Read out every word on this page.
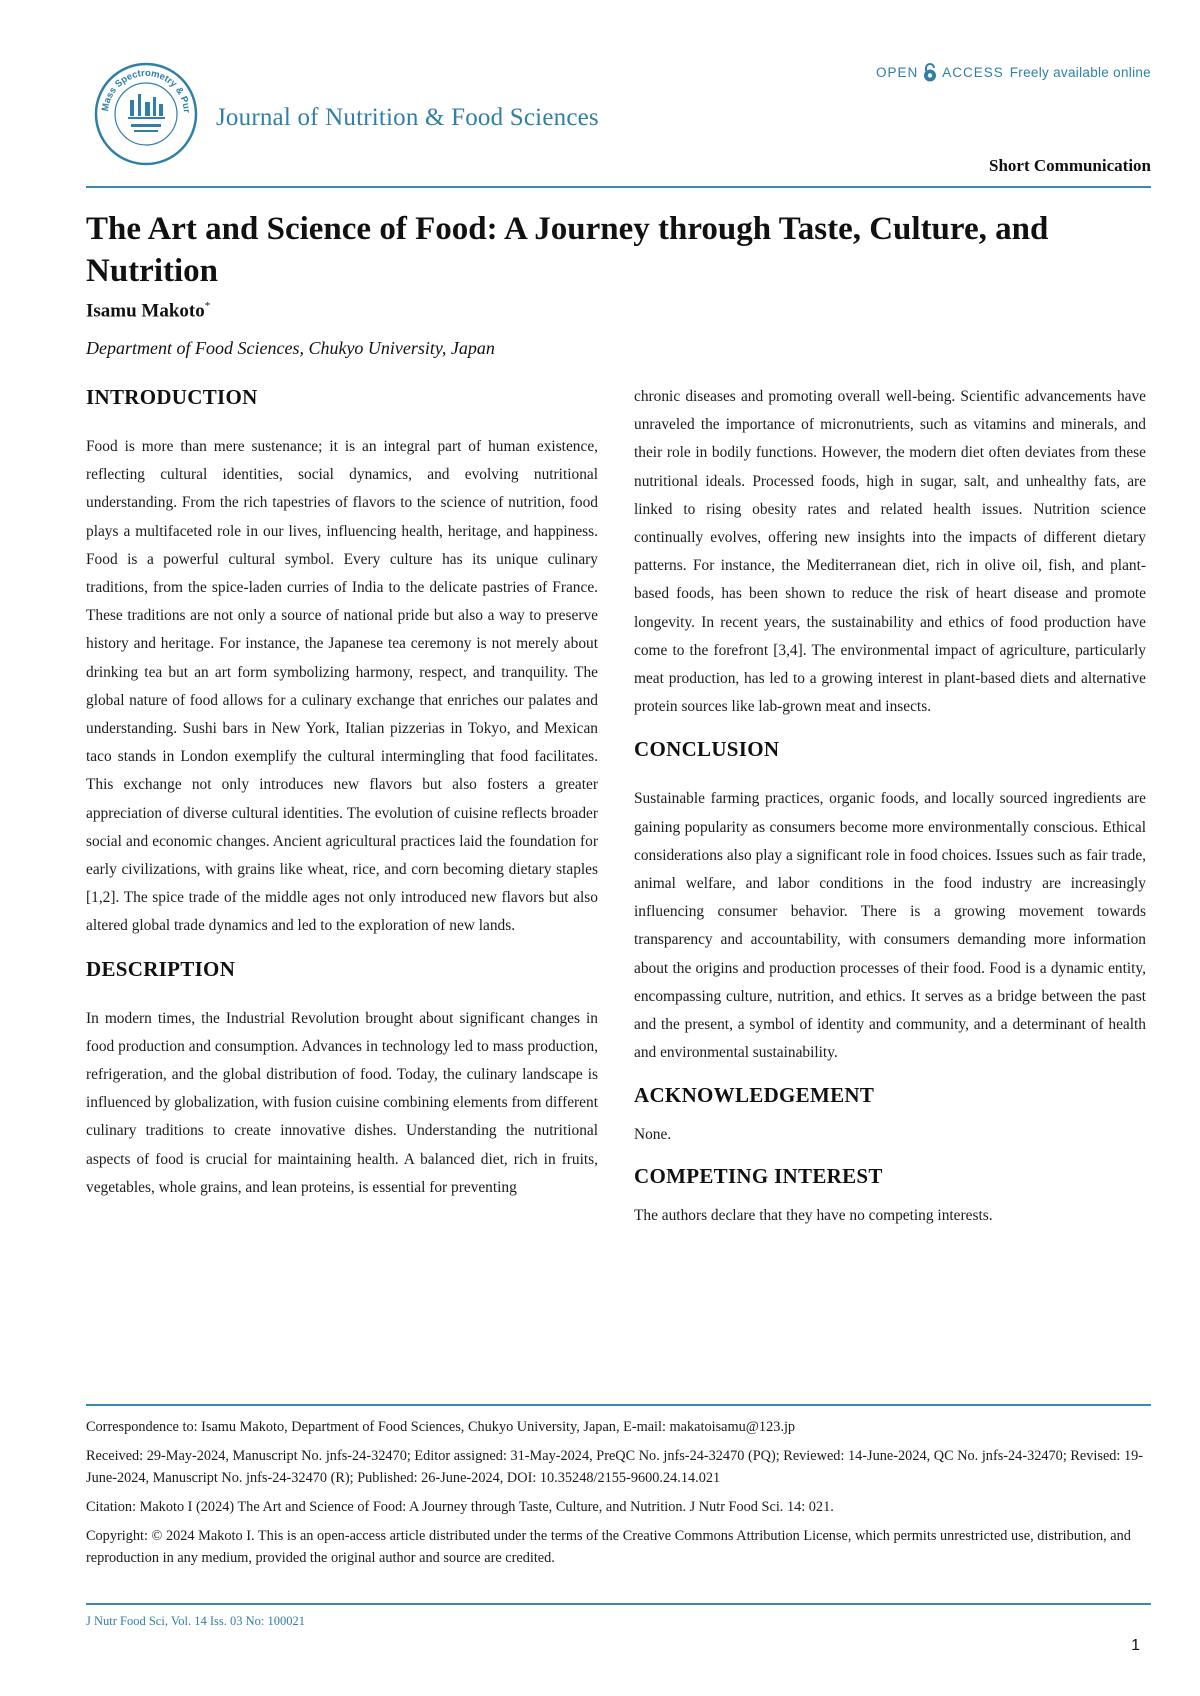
Mass Spectrometry & Pur Journal of Nutrition & Food Sciences
OPEN ACCESS Freely available online
Short Communication
The Art and Science of Food: A Journey through Taste, Culture, and Nutrition
Isamu Makoto*
Department of Food Sciences, Chukyo University, Japan
INTRODUCTION

Food is more than mere sustenance; it is an integral part of human existence, reflecting cultural identities, social dynamics, and evolving nutritional understanding. From the rich tapestries of flavors to the science of nutrition, food plays a multifaceted role in our lives, influencing health, heritage, and happiness. Food is a powerful cultural symbol. Every culture has its unique culinary traditions, from the spice-laden curries of India to the delicate pastries of France. These traditions are not only a source of national pride but also a way to preserve history and heritage. For instance, the Japanese tea ceremony is not merely about drinking tea but an art form symbolizing harmony, respect, and tranquility. The global nature of food allows for a culinary exchange that enriches our palates and understanding. Sushi bars in New York, Italian pizzerias in Tokyo, and Mexican taco stands in London exemplify the cultural intermingling that food facilitates. This exchange not only introduces new flavors but also fosters a greater appreciation of diverse cultural identities. The evolution of cuisine reflects broader social and economic changes. Ancient agricultural practices laid the foundation for early civilizations, with grains like wheat, rice, and corn becoming dietary staples [1,2]. The spice trade of the middle ages not only introduced new flavors but also altered global trade dynamics and led to the exploration of new lands.

DESCRIPTION

In modern times, the Industrial Revolution brought about significant changes in food production and consumption. Advances in technology led to mass production, refrigeration, and the global distribution of food. Today, the culinary landscape is influenced by globalization, with fusion cuisine combining elements from different culinary traditions to create innovative dishes. Understanding the nutritional aspects of food is crucial for maintaining health. A balanced diet, rich in fruits, vegetables, whole grains, and lean proteins, is essential for preventing

chronic diseases and promoting overall well-being. Scientific advancements have unraveled the importance of micronutrients, such as vitamins and minerals, and their role in bodily functions. However, the modern diet often deviates from these nutritional ideals. Processed foods, high in sugar, salt, and unhealthy fats, are linked to rising obesity rates and related health issues. Nutrition science continually evolves, offering new insights into the impacts of different dietary patterns. For instance, the Mediterranean diet, rich in olive oil, fish, and plant-based foods, has been shown to reduce the risk of heart disease and promote longevity. In recent years, the sustainability and ethics of food production have come to the forefront [3,4]. The environmental impact of agriculture, particularly meat production, has led to a growing interest in plant-based diets and alternative protein sources like lab-grown meat and insects.

CONCLUSION

Sustainable farming practices, organic foods, and locally sourced ingredients are gaining popularity as consumers become more environmentally conscious. Ethical considerations also play a significant role in food choices. Issues such as fair trade, animal welfare, and labor conditions in the food industry are increasingly influencing consumer behavior. There is a growing movement towards transparency and accountability, with consumers demanding more information about the origins and production processes of their food. Food is a dynamic entity, encompassing culture, nutrition, and ethics. It serves as a bridge between the past and the present, a symbol of identity and community, and a determinant of health and environmental sustainability.

ACKNOWLEDGEMENT

None.

COMPETING INTEREST

The authors declare that they have no competing interests.

Correspondence to: Isamu Makoto, Department of Food Sciences, Chukyo University, Japan, E-mail: makatoisamu@123.jp

Received: 29-May-2024, Manuscript No. jnfs-24-32470; Editor assigned: 31-May-2024, PreQC No. jnfs-24-32470 (PQ); Reviewed: 14-June-2024, QC No. jnfs-24-32470; Revised: 19-June-2024, Manuscript No. jnfs-24-32470 (R); Published: 26-June-2024, DOI: 10.35248/2155-9600.24.14.021

Citation: Makoto I (2024) The Art and Science of Food: A Journey through Taste, Culture, and Nutrition. J Nutr Food Sci. 14: 021.

Copyright: © 2024 Makoto I. This is an open-access article distributed under the terms of the Creative Commons Attribution License, which permits unrestricted use, distribution, and reproduction in any medium, provided the original author and source are credited.

J Nutr Food Sci, Vol. 14 Iss. 03 No: 100021
1
